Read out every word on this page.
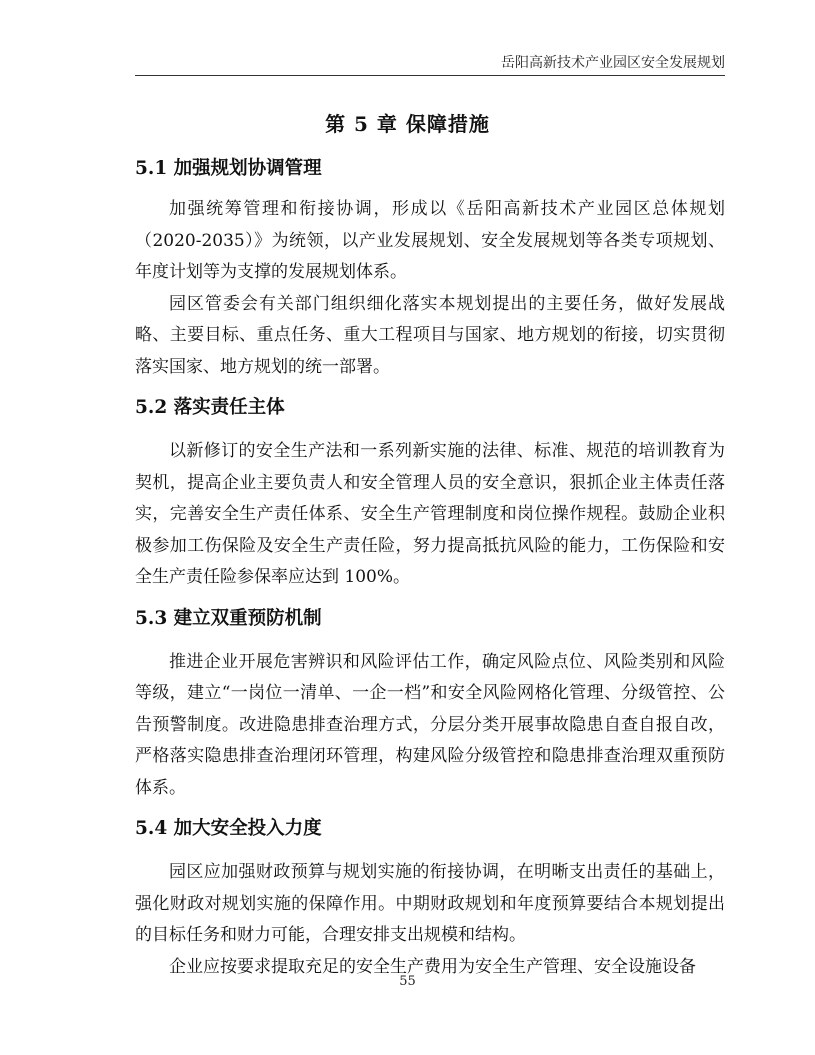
岳阳高新技术产业园区安全发展规划
第 5 章 保障措施
5.1 加强规划协调管理

加强统筹管理和衔接协调，形成以《岳阳高新技术产业园区总体规划（2020-2035）》为统领，以产业发展规划、安全发展规划等各类专项规划、年度计划等为支撑的发展规划体系。

园区管委会有关部门组织细化落实本规划提出的主要任务，做好发展战略、主要目标、重点任务、重大工程项目与国家、地方规划的衔接，切实贯彻落实国家、地方规划的统一部署。

5.2 落实责任主体

以新修订的安全生产法和一系列新实施的法律、标准、规范的培训教育为契机，提高企业主要负责人和安全管理人员的安全意识，狠抓企业主体责任落实，完善安全生产责任体系、安全生产管理制度和岗位操作规程。鼓励企业积极参加工伤保险及安全生产责任险，努力提高抵抗风险的能力，工伤保险和安全生产责任险参保率应达到 100%。

5.3 建立双重预防机制

推进企业开展危害辨识和风险评估工作，确定风险点位、风险类别和风险等级，建立“一岗位一清单、一企一档”和安全风险网格化管理、分级管控、公告预警制度。改进隐患排查治理方式，分层分类开展事故隐患自查自报自改，严格落实隐患排查治理闭环管理，构建风险分级管控和隐患排查治理双重预防体系。

5.4 加大安全投入力度

园区应加强财政预算与规划实施的衔接协调，在明晰支出责任的基础上，强化财政对规划实施的保障作用。中期财政规划和年度预算要结合本规划提出的目标任务和财力可能，合理安排支出规模和结构。

企业应按要求提取充足的安全生产费用为安全生产管理、安全设施设备

55
